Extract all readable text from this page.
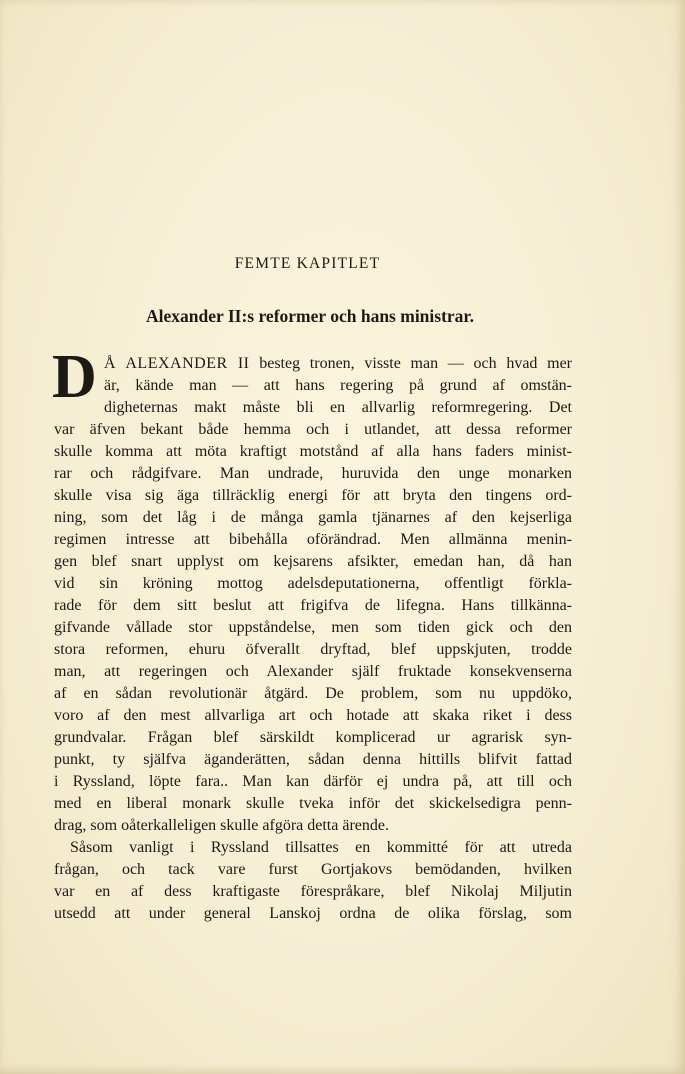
FEMTE KAPITLET
Alexander II:s reformer och hans ministrar.
D Å ALEXANDER II besteg tronen, visste man — och hvad mer
är, kände man — att hans regering på grund af omstän-
digheternas makt måste bli en allvarlig reformregering. Det
var äfven bekant både hemma och i utlandet, att dessa reformer
skulle komma att möta kraftigt motstånd af alla hans faders minist-
rar och rådgifvare. Man undrade, huruvida den unge monarken
skulle visa sig äga tillräcklig energi för att bryta den tingens ord-
ning, som det låg i de många gamla tjänarnes af den kejserliga
regimen intresse att bibehålla oförändrad. Men allmänna menin-
gen blef snart upplyst om kejsarens afsikter, emedan han, då han
vid sin kröning mottog adelsdeputationerna, offentligt förkla-
rade för dem sitt beslut att frigifva de lifegna. Hans tillkänna-
gifvande vållade stor uppståndelse, men som tiden gick och den
stora reformen, ehuru öfverallt dryftad, blef uppskjuten, trodde
man, att regeringen och Alexander själf fruktade konsekvenserna
af en sådan revolutionär åtgärd. De problem, som nu uppdöko,
voro af den mest allvarliga art och hotade att skaka riket i dess
grundvalar. Frågan blef särskildt komplicerad ur agrarisk syn-
punkt, ty själfva äganderätten, sådan denna hittills blifvit fattad
i Ryssland, löpte fara.. Man kan därför ej undra på, att till och
med en liberal monark skulle tveka inför det skickelsedigra penn-
drag, som oåterkalleligen skulle afgöra detta ärende.
Såsom vanligt i Ryssland tillsattes en kommitté för att utreda
frågan, och tack vare furst Gortjakovs bemödanden, hvilken
var en af dess kraftigaste förespråkare, blef Nikolaj Miljutin
utsedd att under general Lanskoj ordna de olika förslag, som
